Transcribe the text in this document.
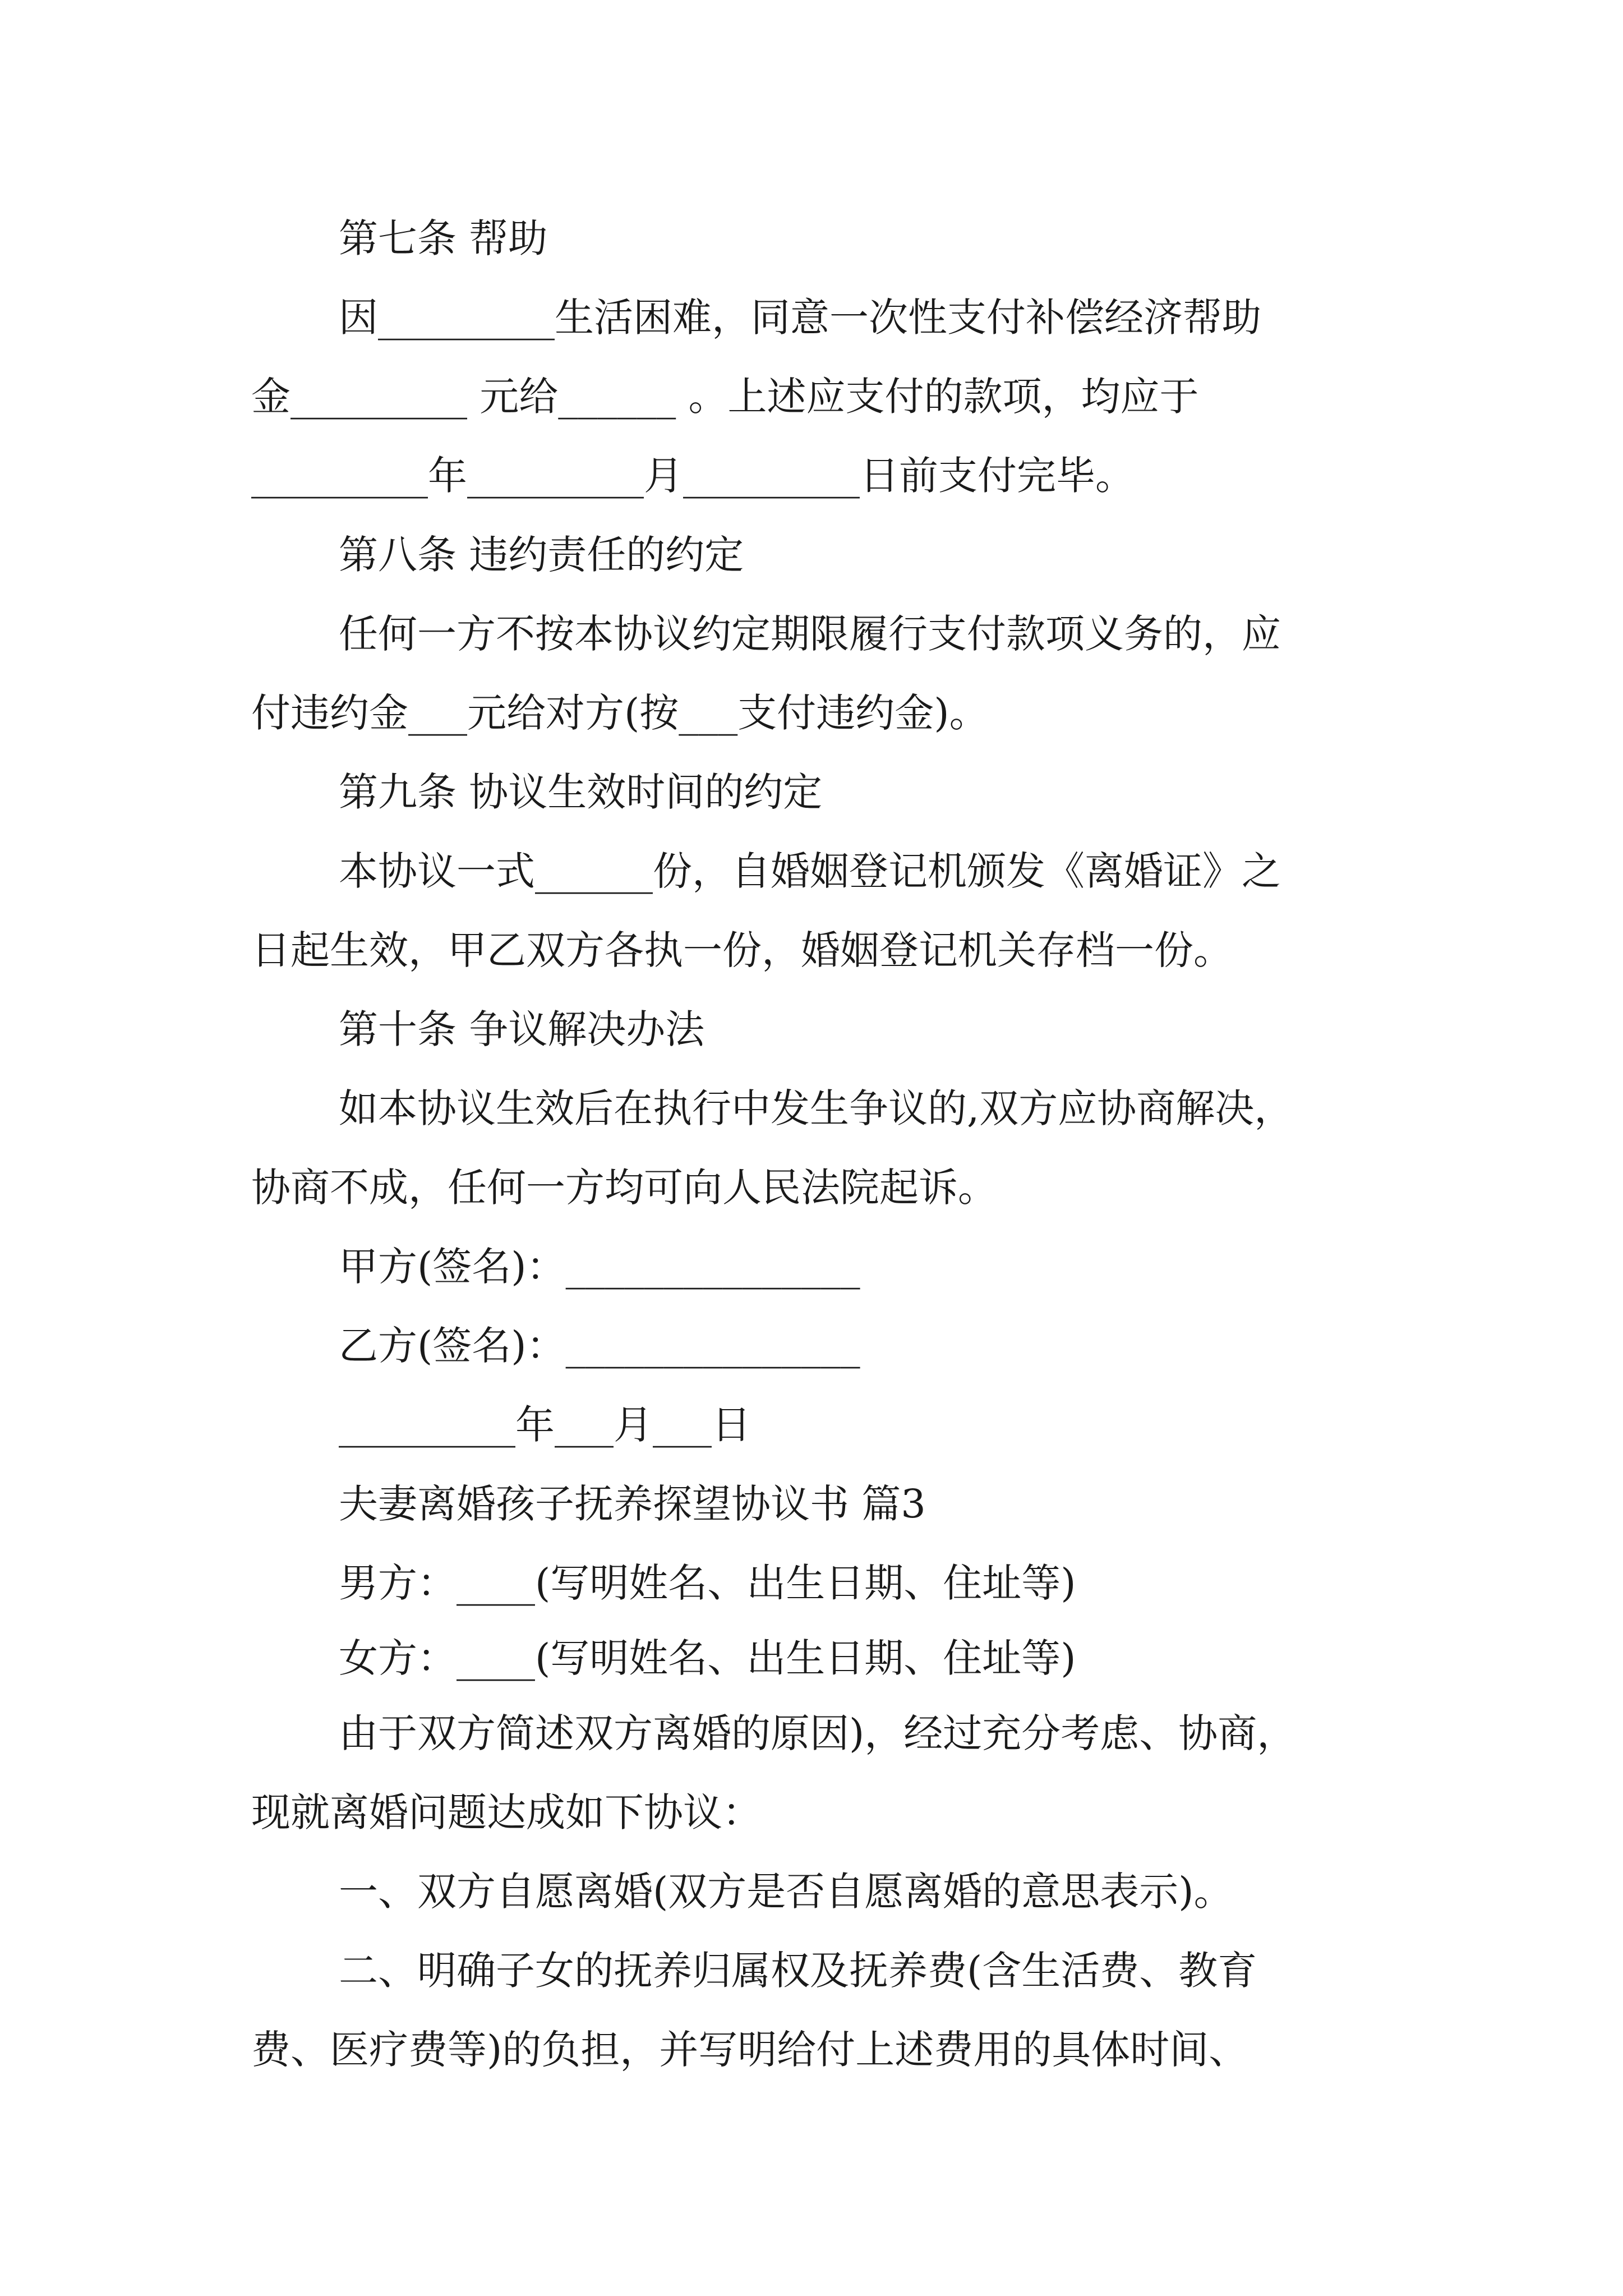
第七条 帮助
因_________生活困难，同意一次性支付补偿经济帮助
金_________ 元给______ 。上述应支付的款项，均应于
_________年_________月_________日前支付完毕。
第八条 违约责任的约定
任何一方不按本协议约定期限履行支付款项义务的，应
付违约金___元给对方(按___支付违约金)。
第九条 协议生效时间的约定
本协议一式______份，自婚姻登记机颁发《离婚证》之
日起生效，甲乙双方各执一份，婚姻登记机关存档一份。
第十条 争议解决办法
如本协议生效后在执行中发生争议的,双方应协商解决，
协商不成，任何一方均可向人民法院起诉。
甲方(签名)：_______________
乙方(签名)：_______________
_________年___月___日
夫妻离婚孩子抚养探望协议书 篇3
男方：____(写明姓名、出生日期、住址等)
女方：____(写明姓名、出生日期、住址等)
由于双方简述双方离婚的原因)，经过充分考虑、协商，
现就离婚问题达成如下协议：
一、双方自愿离婚(双方是否自愿离婚的意思表示)。
二、明确子女的抚养归属权及抚养费(含生活费、教育
费、医疗费等)的负担，并写明给付上述费用的具体时间、
